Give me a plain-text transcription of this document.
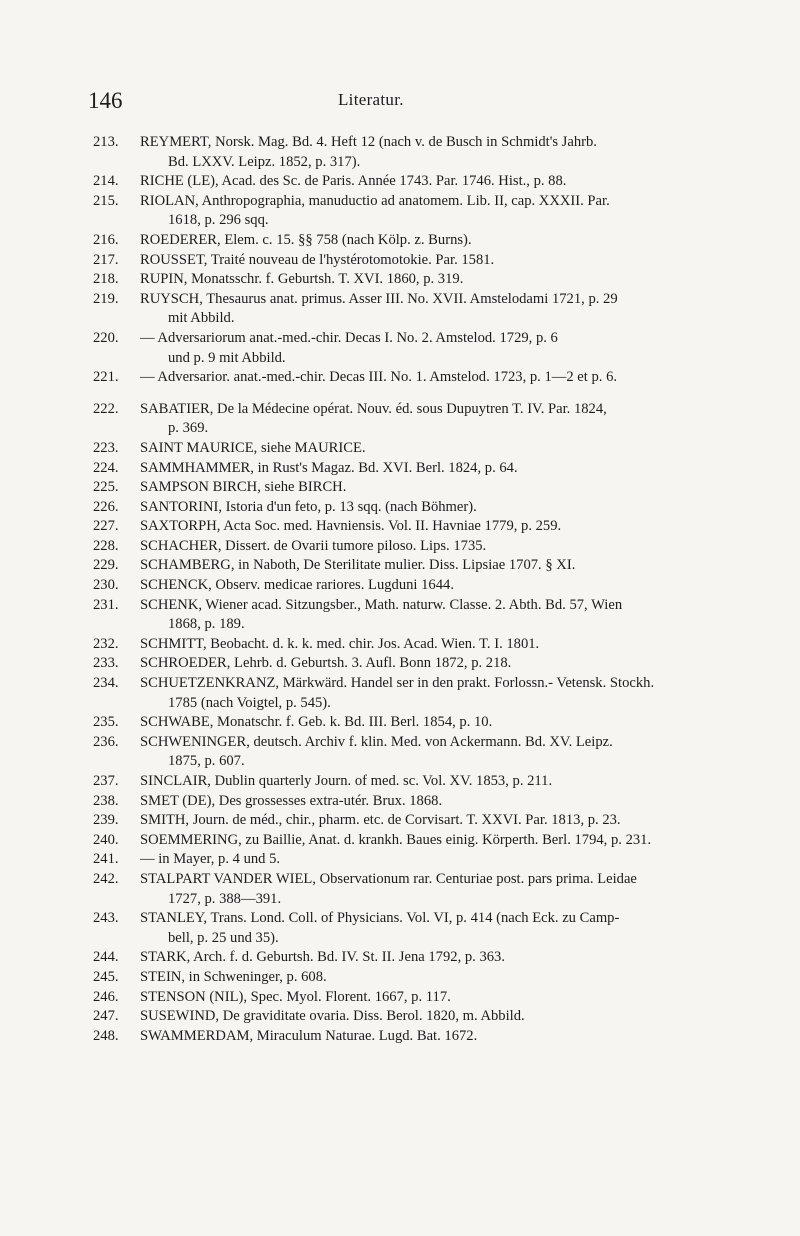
146	Literatur.
213. REYMERT, Norsk. Mag. Bd. 4. Heft 12 (nach v. de Busch in Schmidt's Jahrb.
Bd. LXXV. Leipz. 1852, p. 317).
214. RICHE (LE), Acad. des Sc. de Paris. Année 1743. Par. 1746. Hist., p. 88.
215. RIOLAN, Anthropographia, manuductio ad anatomem. Lib. II, cap. XXXII. Par.
1618, p. 296 sqq.
216. ROEDERER, Elem. c. 15. §§ 758 (nach Kölp. z. Burns).
217. ROUSSET, Traité nouveau de l'hystérotomotokie. Par. 1581.
218. RUPIN, Monatsschr. f. Geburtsh. T. XVI. 1860, p. 319.
219. RUYSCH, Thesaurus anat. primus. Asser III. No. XVII. Amstelodami 1721, p. 29
mit Abbild.
220. — Adversariorum anat.-med.-chir. Decas I. No. 2. Amstelod. 1729, p. 6
und p. 9 mit Abbild.
221. — Adversarior. anat.-med.-chir. Decas III. No. 1. Amstelod. 1723, p. 1—2 et p. 6.
222. SABATIER, De la Médecine opérat. Nouv. éd. sous Dupuytren T. IV. Par. 1824,
p. 369.
223. SAINT MAURICE, siehe MAURICE.
224. SAMMHAMMER, in Rust's Magaz. Bd. XVI. Berl. 1824, p. 64.
225. SAMPSON BIRCH, siehe BIRCH.
226. SANTORINI, Istoria d'un feto, p. 13 sqq. (nach Böhmer).
227. SAXTORPH, Acta Soc. med. Havniensis. Vol. II. Havniae 1779, p. 259.
228. SCHACHER, Dissert. de Ovarii tumore piloso. Lips. 1735.
229. SCHAMBERG, in Naboth, De Sterilitate mulier. Diss. Lipsiae 1707. § XI.
230. SCHENCK, Observ. medicae rariores. Lugduni 1644.
231. SCHENK, Wiener acad. Sitzungsber., Math. naturw. Classe. 2. Abth. Bd. 57, Wien
1868, p. 189.
232. SCHMITT, Beobacht. d. k. k. med. chir. Jos. Acad. Wien. T. I. 1801.
233. SCHROEDER, Lehrb. d. Geburtsh. 3. Aufl. Bonn 1872, p. 218.
234. SCHUETZENKRANZ, Märkwärd. Handel ser in den prakt. Forlossn.- Vetensk. Stockh.
1785 (nach Voigtel, p. 545).
235. SCHWABE, Monatschr. f. Geb. k. Bd. III. Berl. 1854, p. 10.
236. SCHWENINGER, deutsch. Archiv f. klin. Med. von Ackermann. Bd. XV. Leipz.
1875, p. 607.
237. SINCLAIR, Dublin quarterly Journ. of med. sc. Vol. XV. 1853, p. 211.
238. SMET (DE), Des grossesses extra-utér. Brux. 1868.
239. SMITH, Journ. de méd., chir., pharm. etc. de Corvisart. T. XXVI. Par. 1813, p. 23.
240. SOEMMERING, zu Baillie, Anat. d. krankh. Baues einig. Körperth. Berl. 1794, p. 231.
241. — in Mayer, p. 4 und 5.
242. STALPART VANDER WIEL, Observationum rar. Centuriae post. pars prima. Leidae
1727, p. 388—391.
243. STANLEY, Trans. Lond. Coll. of Physicians. Vol. VI, p. 414 (nach Eck. zu Camp-
bell, p. 25 und 35).
244. STARK, Arch. f. d. Geburtsh. Bd. IV. St. II. Jena 1792, p. 363.
245. STEIN, in Schweninger, p. 608.
246. STENSON (NIL), Spec. Myol. Florent. 1667, p. 117.
247. SUSEWIND, De graviditate ovaria. Diss. Berol. 1820, m. Abbild.
248. SWAMMERDAM, Miraculum Naturae. Lugd. Bat. 1672.
